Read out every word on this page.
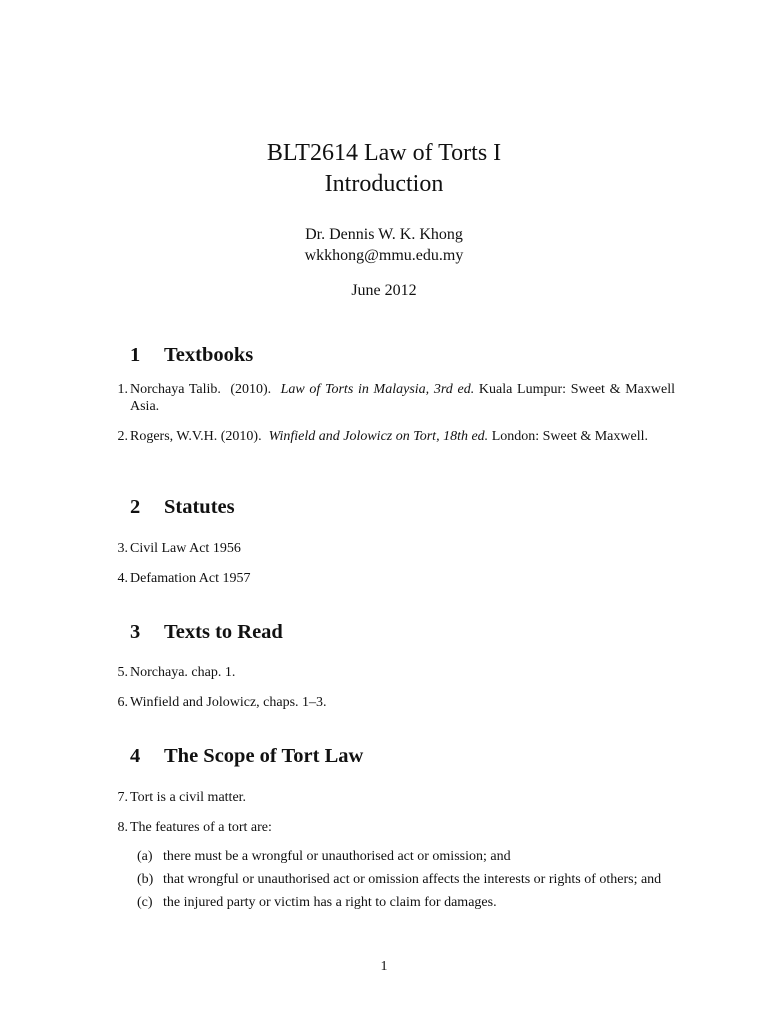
BLT2614 Law of Torts I
Introduction
Dr. Dennis W. K. Khong
wkkhong@mmu.edu.my
June 2012
1	Textbooks
1. Norchaya Talib.  (2010).  Law of Torts in Malaysia, 3rd ed. Kuala Lumpur: Sweet & Maxwell Asia.
2. Rogers, W.V.H. (2010).  Winfield and Jolowicz on Tort, 18th ed. London: Sweet & Maxwell.
2	Statutes
3. Civil Law Act 1956
4. Defamation Act 1957
3	Texts to Read
5. Norchaya. chap. 1.
6. Winfield and Jolowicz, chaps. 1–3.
4	The Scope of Tort Law
7. Tort is a civil matter.
8. The features of a tort are:
(a) there must be a wrongful or unauthorised act or omission; and
(b) that wrongful or unauthorised act or omission affects the interests or rights of others; and
(c) the injured party or victim has a right to claim for damages.
1
